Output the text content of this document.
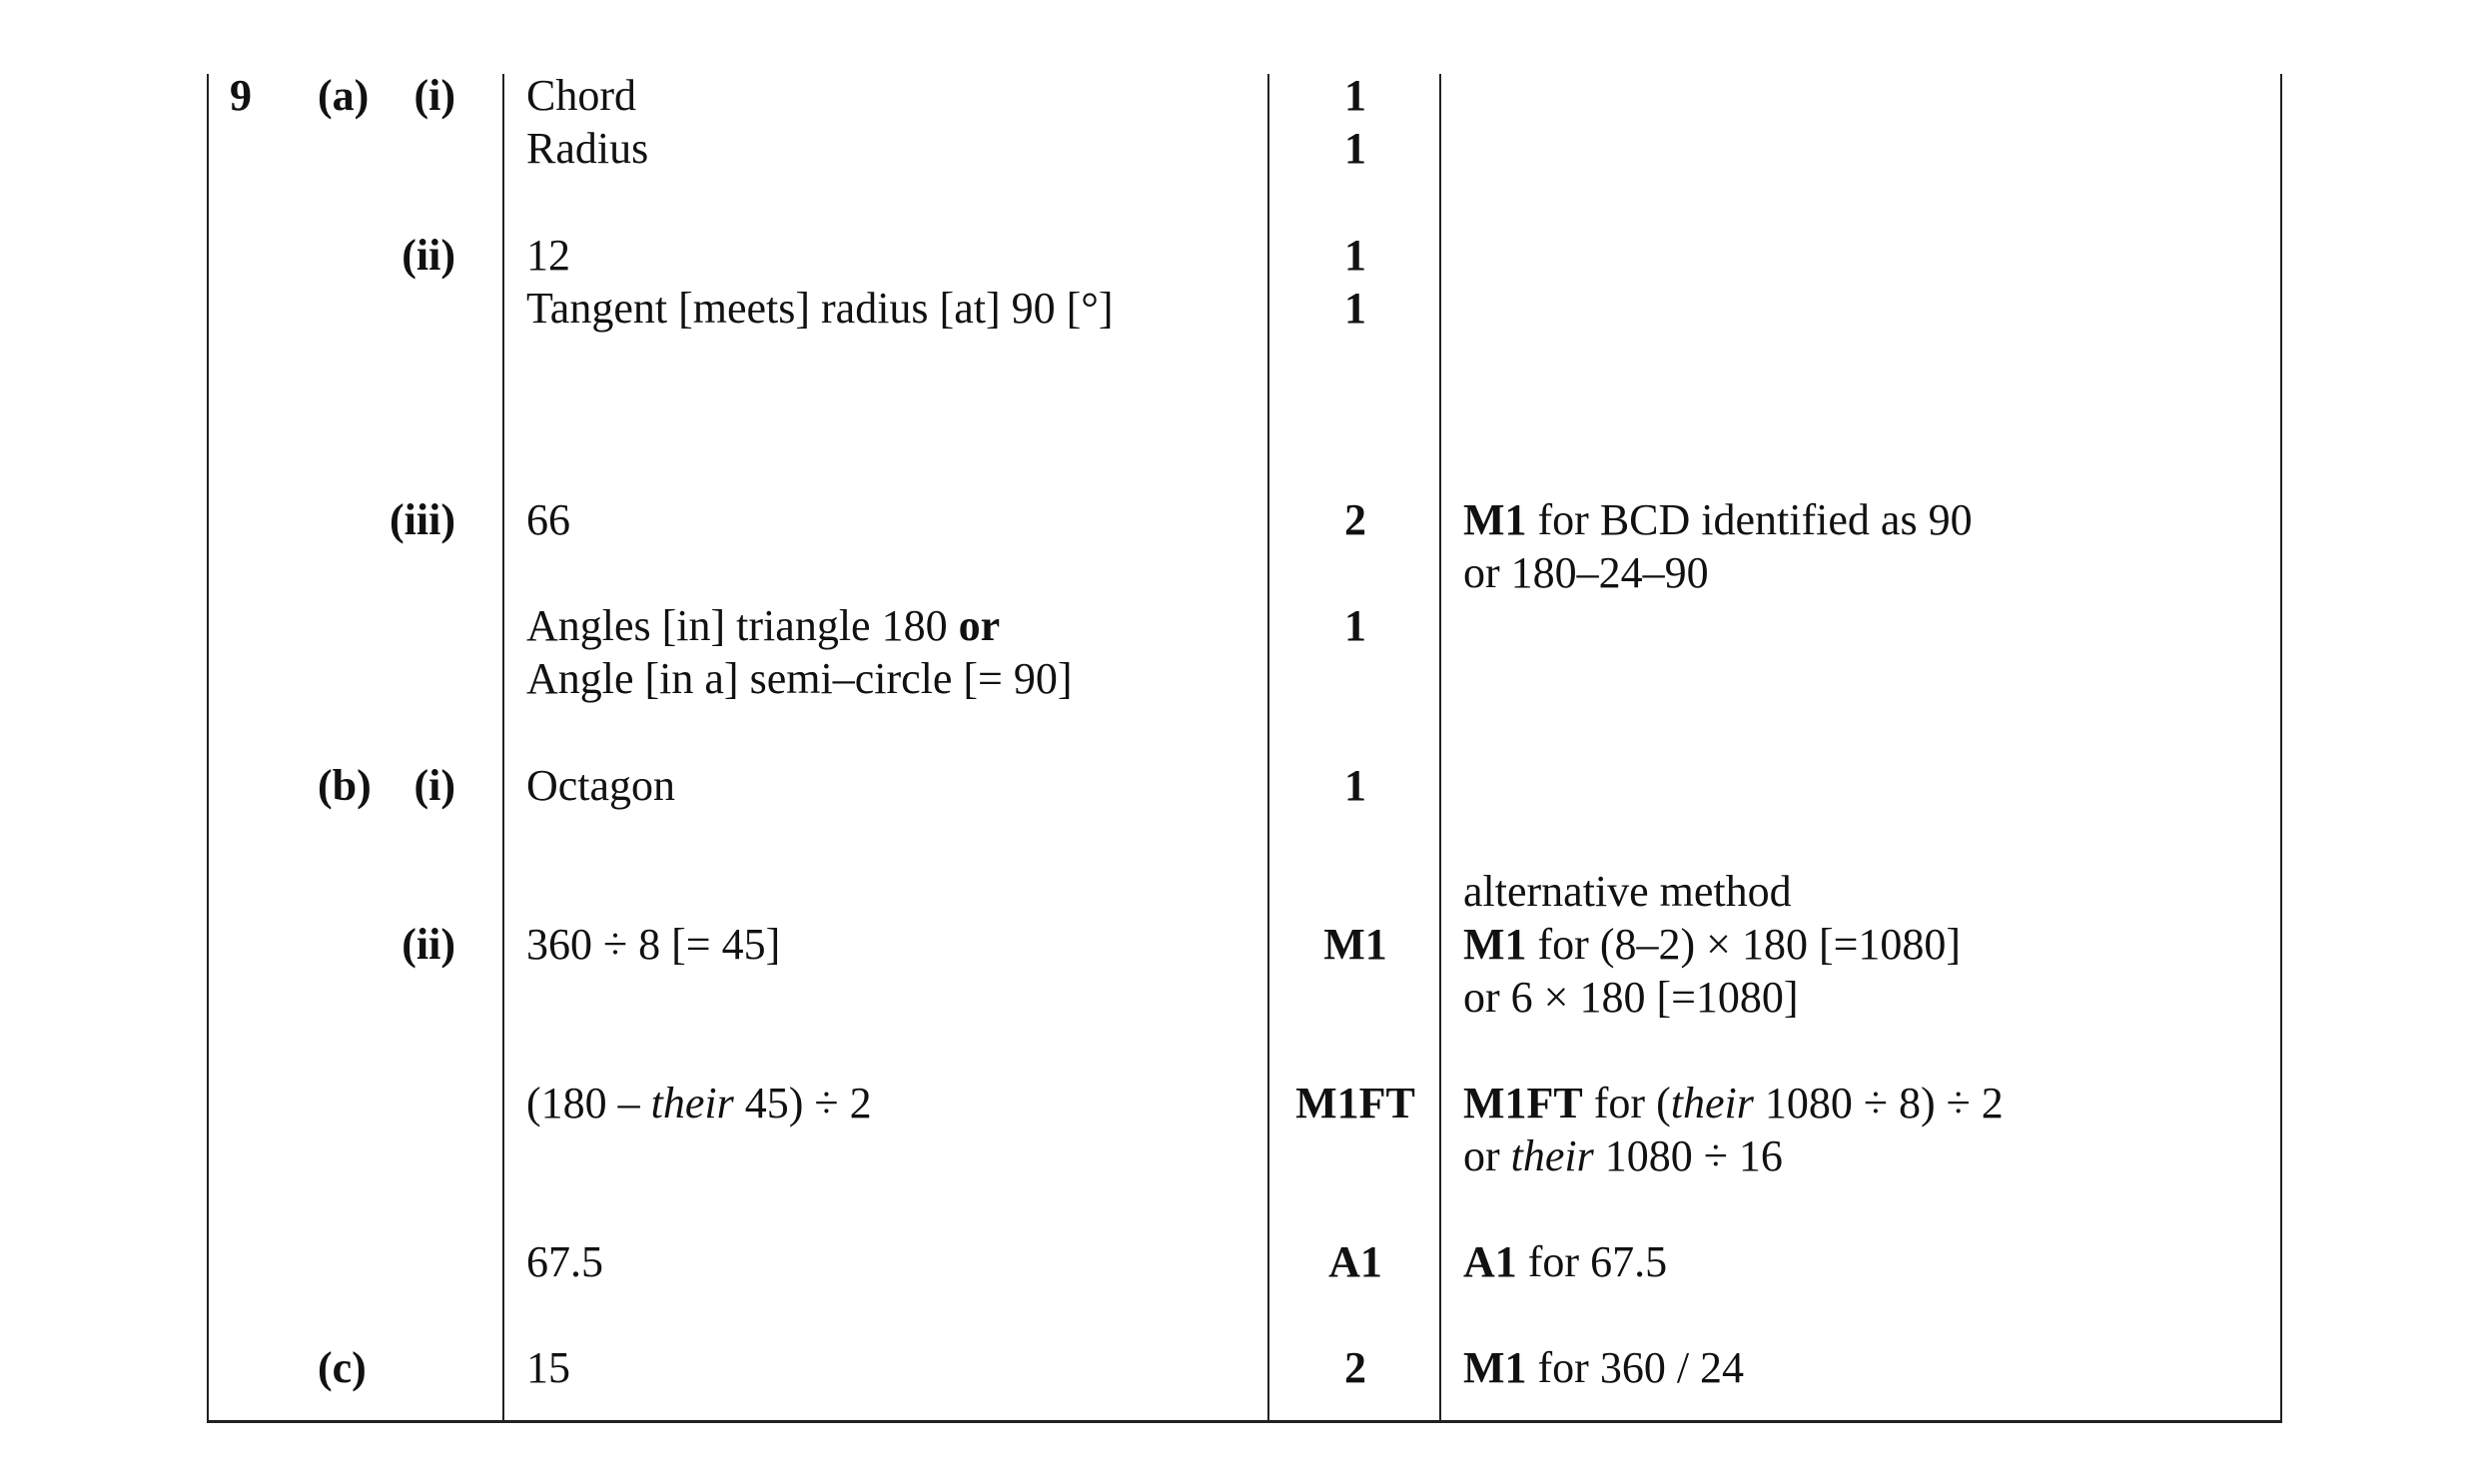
9 (a)	(i)
(ii)
(iii)
(b) (i)
(ii)
(c)
Chord
Radius
12
Tangent [meets] radius [at] 90 [°]
66
Angles [in] triangle 180 or
Angle [in a] semi–circle [= 90]
Octagon
360 ÷ 8 [= 45]
(180 – their 45) ÷ 2
67.5
15
1
1
1
1
2
1
1
M1
M1FT
A1
2
M1 for BCD identified as 90
or 180–24–90
alternative method
M1 for (8–2) × 180 [=1080]
or 6 × 180 [=1080]
M1FT for (their 1080 ÷ 8) ÷ 2
or their 1080 ÷ 16
A1 for 67.5
M1 for 360 / 24
